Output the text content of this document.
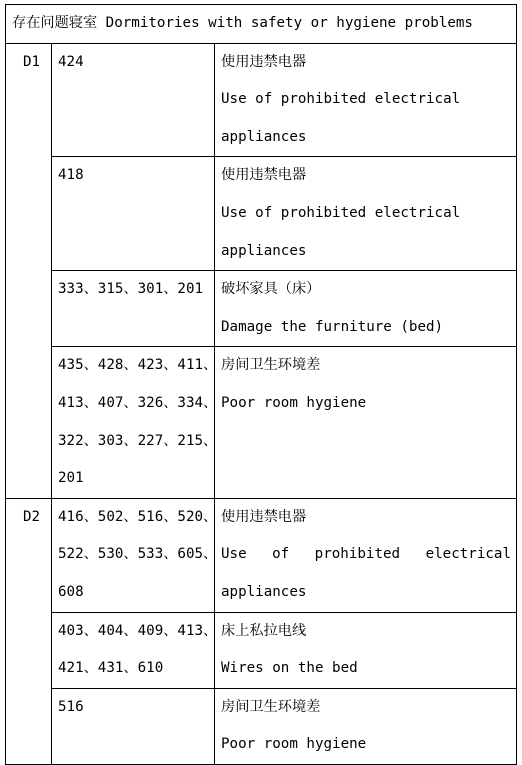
存在问题寝室 Dormitories with safety or hygiene problems		
D1	424	使用违禁电器
Use of prohibited electrical
appliances

	418	使用违禁电器
Use of prohibited electrical
appliances

	333、315、301、201	破坏家具（床）
Damage the furniture (bed)

	435、428、423、411、
413、407、326、334、
322、303、227、215、
201	房间卫生环境差
Poor room hygiene

D2	416、502、516、520、
522、530、533、605、
608	使用违禁电器
Use of prohibited electrical
appliances

	403、404、409、413、
421、431、610	床上私拉电线
Wires on the bed

	516	房间卫生环境差
Poor room hygiene
